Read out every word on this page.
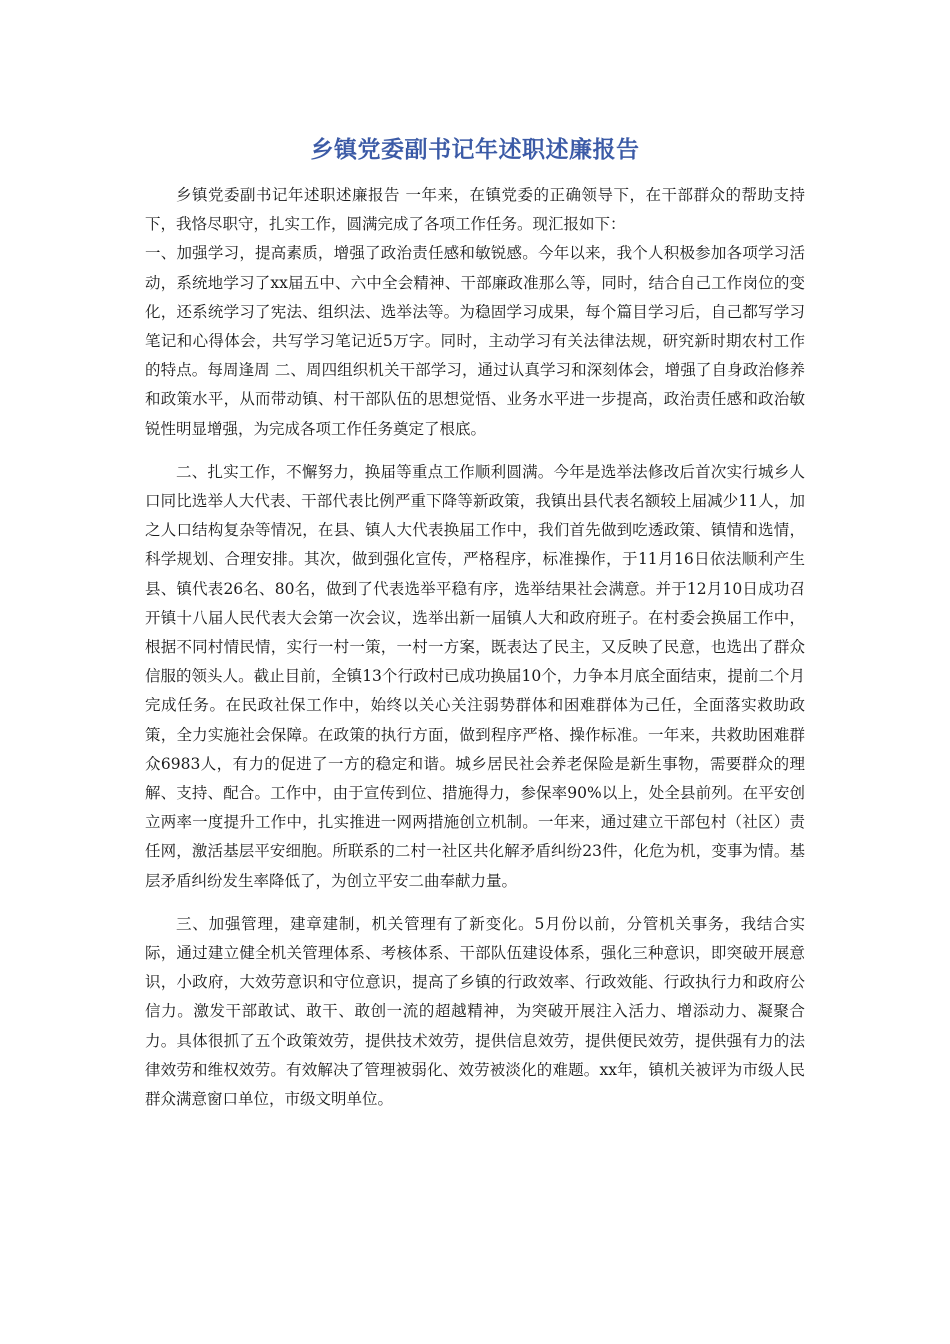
乡镇党委副书记年述职述廉报告

乡镇党委副书记年述职述廉报告 一年来，在镇党委的正确领导下，在干部群众的帮助支持下，我恪尽职守，扎实工作，圆满完成了各项工作任务。现汇报如下：

一、加强学习，提高素质，增强了政治责任感和敏锐感。今年以来，我个人积极参加各项学习活动，系统地学习了xx届五中、六中全会精神、干部廉政准那么等，同时，结合自己工作岗位的变化，还系统学习了宪法、组织法、选举法等。为稳固学习成果，每个篇目学习后，自己都写学习笔记和心得体会，共写学习笔记近5万字。同时，主动学习有关法律法规，研究新时期农村工作的特点。每周逢周 二、周四组织机关干部学习，通过认真学习和深刻体会，增强了自身政治修养和政策水平，从而带动镇、村干部队伍的思想觉悟、业务水平进一步提高，政治责任感和政治敏锐性明显增强，为完成各项工作任务奠定了根底。

二、扎实工作，不懈努力，换届等重点工作顺利圆满。今年是选举法修改后首次实行城乡人口同比选举人大代表、干部代表比例严重下降等新政策，我镇出县代表名额较上届减少11人，加之人口结构复杂等情况，在县、镇人大代表换届工作中，我们首先做到吃透政策、镇情和选情，科学规划、合理安排。其次，做到强化宣传，严格程序，标准操作，于11月16日依法顺利产生县、镇代表26名、80名，做到了代表选举平稳有序，选举结果社会满意。并于12月10日成功召开镇十八届人民代表大会第一次会议，选举出新一届镇人大和政府班子。在村委会换届工作中，根据不同村情民情，实行一村一策，一村一方案，既表达了民主，又反映了民意，也选出了群众信服的领头人。截止目前，全镇13个行政村已成功换届10个，力争本月底全面结束，提前二个月完成任务。在民政社保工作中，始终以关心关注弱势群体和困难群体为己任，全面落实救助政策，全力实施社会保障。在政策的执行方面，做到程序严格、操作标准。一年来，共救助困难群众6983人，有力的促进了一方的稳定和谐。城乡居民社会养老保险是新生事物，需要群众的理解、支持、配合。工作中，由于宣传到位、措施得力，参保率90%以上，处全县前列。在平安创立两率一度提升工作中，扎实推进一网两措施创立机制。一年来，通过建立干部包村（社区）责任网，激活基层平安细胞。所联系的二村一社区共化解矛盾纠纷23件，化危为机，变事为情。基层矛盾纠纷发生率降低了，为创立平安二曲奉献力量。

三、加强管理，建章建制，机关管理有了新变化。5月份以前，分管机关事务，我结合实际，通过建立健全机关管理体系、考核体系、干部队伍建设体系，强化三种意识，即突破开展意识，小政府，大效劳意识和守位意识，提高了乡镇的行政效率、行政效能、行政执行力和政府公信力。激发干部敢试、敢干、敢创一流的超越精神，为突破开展注入活力、增添动力、凝聚合力。具体很抓了五个政策效劳，提供技术效劳，提供信息效劳，提供便民效劳，提供强有力的法律效劳和维权效劳。有效解决了管理被弱化、效劳被淡化的难题。xx年，镇机关被评为市级人民群众满意窗口单位，市级文明单位。
